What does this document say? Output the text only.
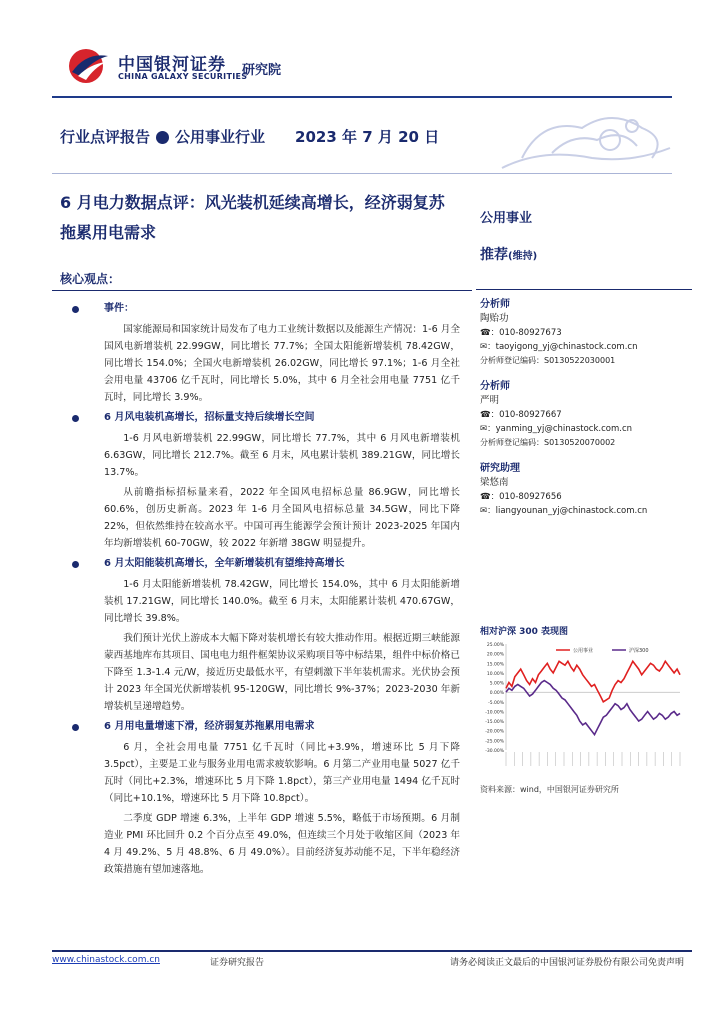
中国银河证券
CHINA GALAXY SECURITIES
研究院
行业点评报告 公用事业行业 2023 年 7 月 20 日
6 月电力数据点评：风光装机延续高增长，经济弱复苏拖累用电需求
核心观点：
事件：

国家能源局和国家统计局发布了电力工业统计数据以及能源生产情况：1-6 月全国风电新增装机 22.99GW，同比增长 77.7%；全国太阳能新增装机 78.42GW，同比增长 154.0%；全国火电新增装机 26.02GW，同比增长 97.1%；1-6 月全社会用电量 43706 亿千瓦时，同比增长 5.0%，其中 6 月全社会用电量 7751 亿千瓦时，同比增长 3.9%。

6 月风电装机高增长，招标量支持后续增长空间

1-6 月风电新增装机 22.99GW，同比增长 77.7%，其中 6 月风电新增装机 6.63GW，同比增长 212.7%。截至 6 月末，风电累计装机 389.21GW，同比增长 13.7%。

从前瞻指标招标量来看，2022 年全国风电招标总量 86.9GW，同比增长 60.6%，创历史新高。2023 年 1-6 月全国风电招标总量 34.5GW，同比下降 22%，但依然维持在较高水平。中国可再生能源学会预计预计 2023-2025 年国内年均新增装机 60-70GW，较 2022 年新增 38GW 明显提升。

6 月太阳能装机高增长，全年新增装机有望维持高增长

1-6 月太阳能新增装机 78.42GW，同比增长 154.0%，其中 6 月太阳能新增装机 17.21GW，同比增长 140.0%。截至 6 月末，太阳能累计装机 470.67GW，同比增长 39.8%。

我们预计光伏上游成本大幅下降对装机增长有较大推动作用。根据近期三峡能源蒙西基地库布其项目、国电电力组件框架协议采购项目等中标结果，组件中标价格已下降至 1.3-1.4 元/W，接近历史最低水平，有望刺激下半年装机需求。光伏协会预计 2023 年全国光伏新增装机 95-120GW，同比增长 9%-37%；2023-2030 年新增装机呈递增趋势。

6 月用电量增速下滑，经济弱复苏拖累用电需求

6 月，全社会用电量 7751 亿千瓦时（同比+3.9%，增速环比 5 月下降 3.5pct），主要是工业与服务业用电需求疲软影响。6 月第二产业用电量 5027 亿千瓦时（同比+2.3%，增速环比 5 月下降 1.8pct），第三产业用电量 1494 亿千瓦时（同比+10.1%，增速环比 5 月下降 10.8pct）。

二季度 GDP 增速 6.3%，上半年 GDP 增速 5.5%，略低于市场预期。6 月制造业 PMI 环比回升 0.2 个百分点至 49.0%，但连续三个月处于收缩区间（2023 年 4 月 49.2%、5 月 48.8%、6 月 49.0%）。目前经济复苏动能不足，下半年稳经济政策措施有望加速落地。

公用事业
推荐(维持)
分析师
陶贻功
☎：010-80927673
✉：taoyigong_yj@chinastock.com.cn
分析师登记编码：S0130522030001
分析师
严明
☎：010-80927667
✉：yanming_yj@chinastock.com.cn
分析师登记编码：S0130520070002
研究助理
梁悠南
☎：010-80927656
✉：liangyounan_yj@chinastock.com.cn
相对沪深 300 表现图
25.00%
20.00%
15.00%
10.00%
5.00%
0.00%
-5.00%
-10.00%
-15.00%
-20.00%
-25.00%
-30.00%
公用事业	沪深300
资料来源：wind，中国银河证券研究所
www.chinastock.com.cn	证券研究报告	请务必阅读正文最后的中国银河证券股份有限公司免责声明
